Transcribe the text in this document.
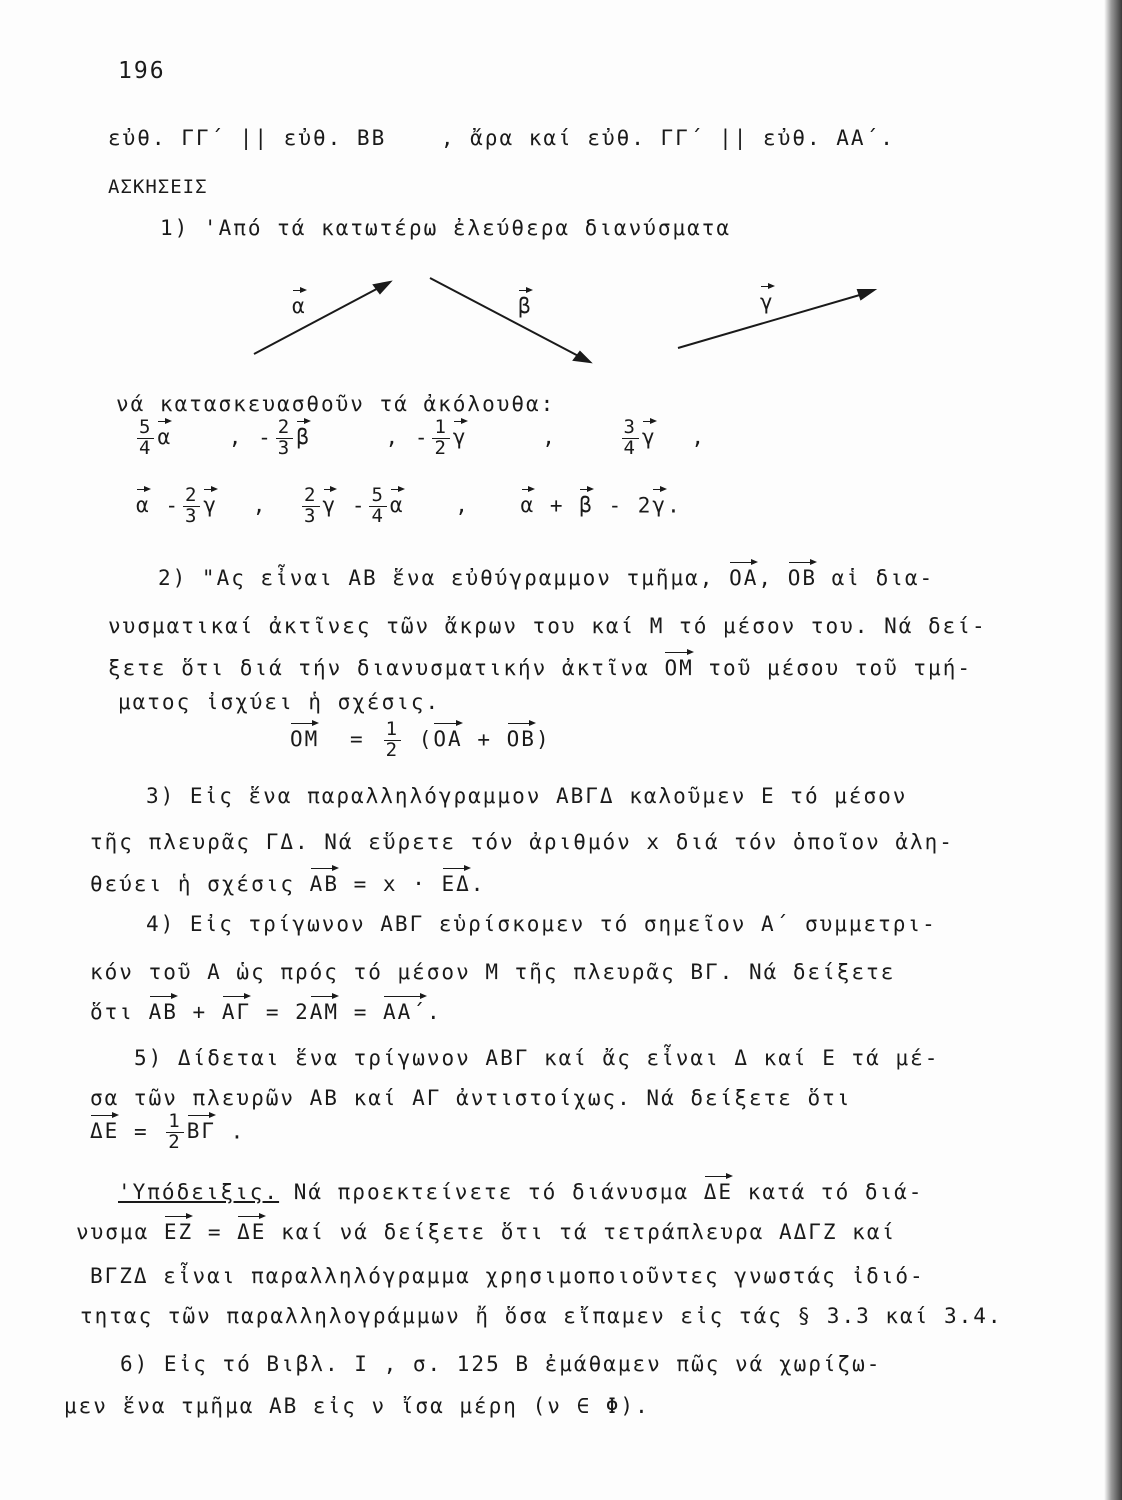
196
εὐθ. ΓΓ΄ || εὐθ. ΒΒ	, ἄρα καί εὐθ. ΓΓ΄ || εὐθ. ΑΑ΄.
ΑΣΚΗΣΕΙΣ
1) 'Από τά κατωτέρω ἐλεύθερα διανύσματα
α	β	γ
νά κατασκευασθοῦν τά ἀκόλουθα:
$\frac{5}{4}$ α	, - $\frac{2}{3}$ β	, - $\frac{1}{2}$ γ	,	$\frac{3}{4}$ γ ,
α - $\frac{2}{3}$ γ , $\frac{2}{3}$ γ - $\frac{5}{4}$ α , α + β - 2γ.
2) "Ας εἶναι ΑΒ ἕνα εὐθύγραμμον τμῆμα, ΟΑ, ΟΒ αἱ δια-
νυσματικαί ἀκτῖνες τῶν ἄκρων του καί Μ τό μέσον του. Νά δεί-
ξετε ὅτι διά τήν διανυσματικήν ἀκτῖνα ΟΜ τοῦ μέσου τοῦ τμή-
ματος ἰσχύει ἡ σχέσις.
$OM = \frac{1}{2} (OA + OB)$
3) Εἰς ἕνα παραλληλόγραμμον ΑΒΓΔ καλοῦμεν Ε τό μέσον
τῆς πλευρᾶς ΓΔ. Νά εὕρετε τόν ἀριθμόν x διά τόν ὁποῖον ἀλη-
θεύει ἡ σχέσις ΑΒ = x · ΕΔ.
4) Εἰς τρίγωνον ΑΒΓ εὑρίσκομεν τό σημεῖον Α΄ συμμετρι-
κόν τοῦ Α ὡς πρός τό μέσον Μ τῆς πλευρᾶς ΒΓ. Νά δείξετε
ὅτι ΑΒ + ΑΓ = 2ΑΜ = ΑΑ΄.
5) Δίδεται ἕνα τρίγωνον ΑΒΓ καί ἄς εἶναι Δ καί Ε τά μέ-
σα τῶν πλευρῶν ΑΒ καί ΑΓ ἀντιστοίχως. Νά δείξετε ὅτι
$\Delta E = \frac{1}{2}$ ΒΓ .
'Υπόδειξις. Νά προεκτείνετε τό διάνυσμα ΔΕ κατά τό διά-
νυσμα ΕΖ = ΔΕ καί νά δείξετε ὅτι τά τετράπλευρα ΑΔΓΖ καί
ΒΓΖΔ εἶναι παραλληλόγραμμα χρησιμοποιοῦντες γνωστάς ἰδιό-
τητας τῶν παραλληλογράμμων ἤ ὅσα εἴπαμεν εἰς τάς § 3.3 καί 3.4.
6) Εἰς τό Βιβλ. Ι , σ. 125 Β ἐμάθαμεν πῶς νά χωρίζω-
μεν ἕνα τμῆμα ΑΒ εἰς ν ἴσα μέρη (ν ∈ Φ).
